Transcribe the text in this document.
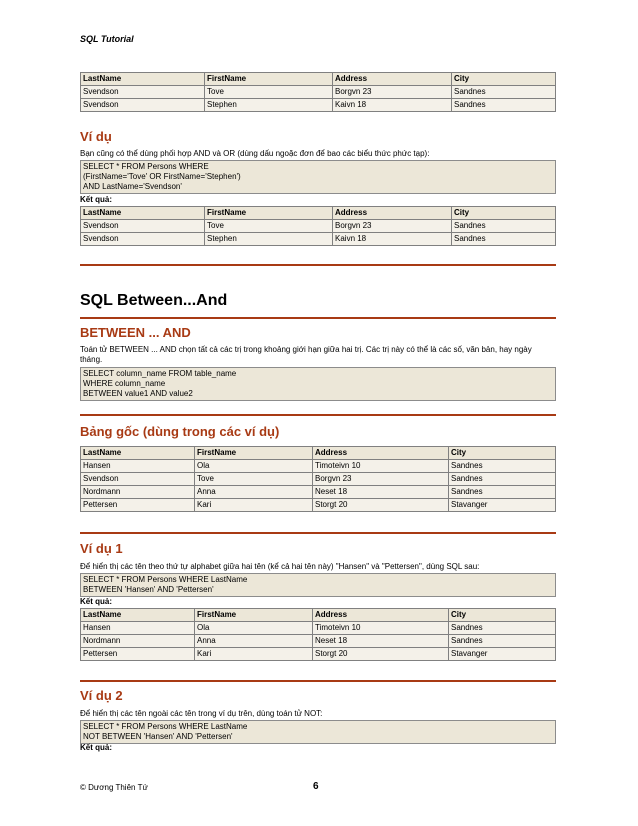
SQL Tutorial
LastName	FirstName	Address	City
Svendson	Tove	Borgvn 23	Sandnes
Svendson	Stephen	Kaivn 18	Sandnes
Ví dụ
Bạn cũng có thể dùng phối hợp AND và OR (dùng dấu ngoặc đơn để bao các biểu thức phức tạp):
SELECT * FROM Persons WHERE
(FirstName='Tove' OR FirstName='Stephen')
AND LastName='Svendson'
Kết quả:
LastName	FirstName	Address	City
Svendson	Tove	Borgvn 23	Sandnes
Svendson	Stephen	Kaivn 18	Sandnes
SQL Between...And
BETWEEN ... AND
Toán tử BETWEEN ... AND chọn tất cả các trị trong khoảng giới hạn giữa hai trị. Các trị này có thể là các số, văn bản, hay ngày tháng.
SELECT column_name FROM table_name
WHERE column_name
BETWEEN value1 AND value2
Bảng gốc (dùng trong các ví dụ)
LastName	FirstName	Address	City
Hansen	Ola	Timoteivn 10	Sandnes
Svendson	Tove	Borgvn 23	Sandnes
Nordmann	Anna	Neset 18	Sandnes
Pettersen	Kari	Storgt 20	Stavanger
Ví dụ 1
Để hiển thị các tên theo thứ tự alphabet giữa hai tên (kể cả hai tên này) "Hansen" và "Pettersen", dùng SQL sau:
SELECT * FROM Persons WHERE LastName
BETWEEN 'Hansen' AND 'Pettersen'
Kết quả:
LastName	FirstName	Address	City
Hansen	Ola	Timoteivn 10	Sandnes
Nordmann	Anna	Neset 18	Sandnes
Pettersen	Kari	Storgt 20	Stavanger
Ví dụ 2
Để hiển thị các tên ngoài các tên trong ví dụ trên, dùng toán tử NOT:
SELECT * FROM Persons WHERE LastName
NOT BETWEEN 'Hansen' AND 'Pettersen'
Kết quả:
© Dương Thiên Tứ	6
